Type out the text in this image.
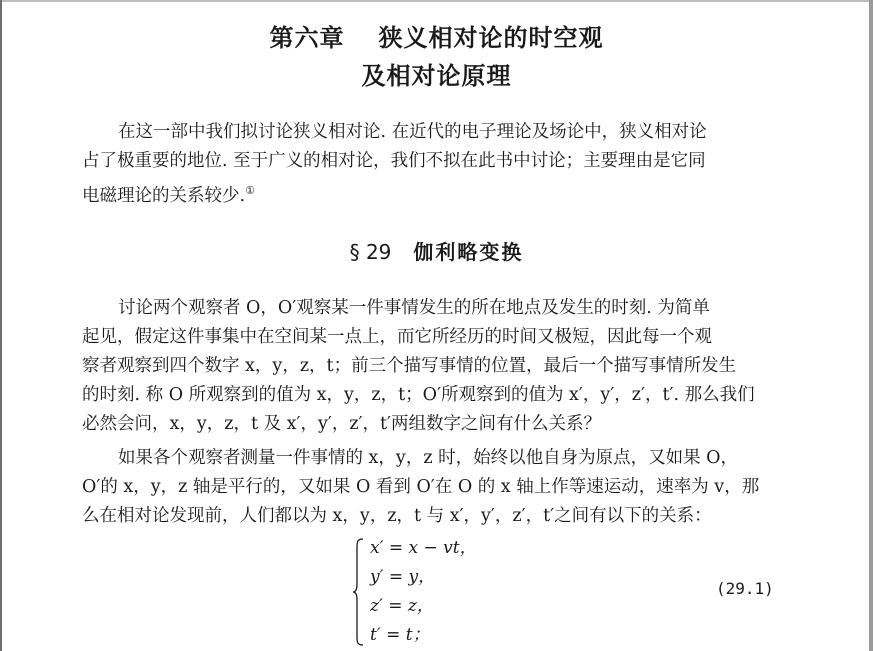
第六章 狭义相对论的时空观
及相对论原理
在这一部中我们拟讨论狭义相对论. 在近代的电子理论及场论中，狭义相对论
占了极重要的地位. 至于广义的相对论，我们不拟在此书中讨论；主要理由是它同
电磁理论的关系较少.①
§ 29 伽利略变换
讨论两个观察者 O，O′观察某一件事情发生的所在地点及发生的时刻. 为简单
起见，假定这件事集中在空间某一点上，而它所经历的时间又极短，因此每一个观
察者观察到四个数字 x，y，z，t；前三个描写事情的位置，最后一个描写事情所发生
的时刻. 称 O 所观察到的值为 x，y，z，t；O′所观察到的值为 x′，y′，z′，t′. 那么我们
必然会问，x，y，z，t 及 x′，y′，z′，t′两组数字之间有什么关系？
如果各个观察者测量一件事情的 x，y，z 时，始终以他自身为原点，又如果 O，
O′的 x，y，z 轴是平行的，又如果 O 看到 O′在 O 的 x 轴上作等速运动，速率为 v，那
么在相对论发现前，人们都以为 x，y，z，t 与 x′，y′，z′，t′之间有以下的关系：
x′ = x − vt，
y′ = y，
z′ = z，
t′ = t；
(29.1)
